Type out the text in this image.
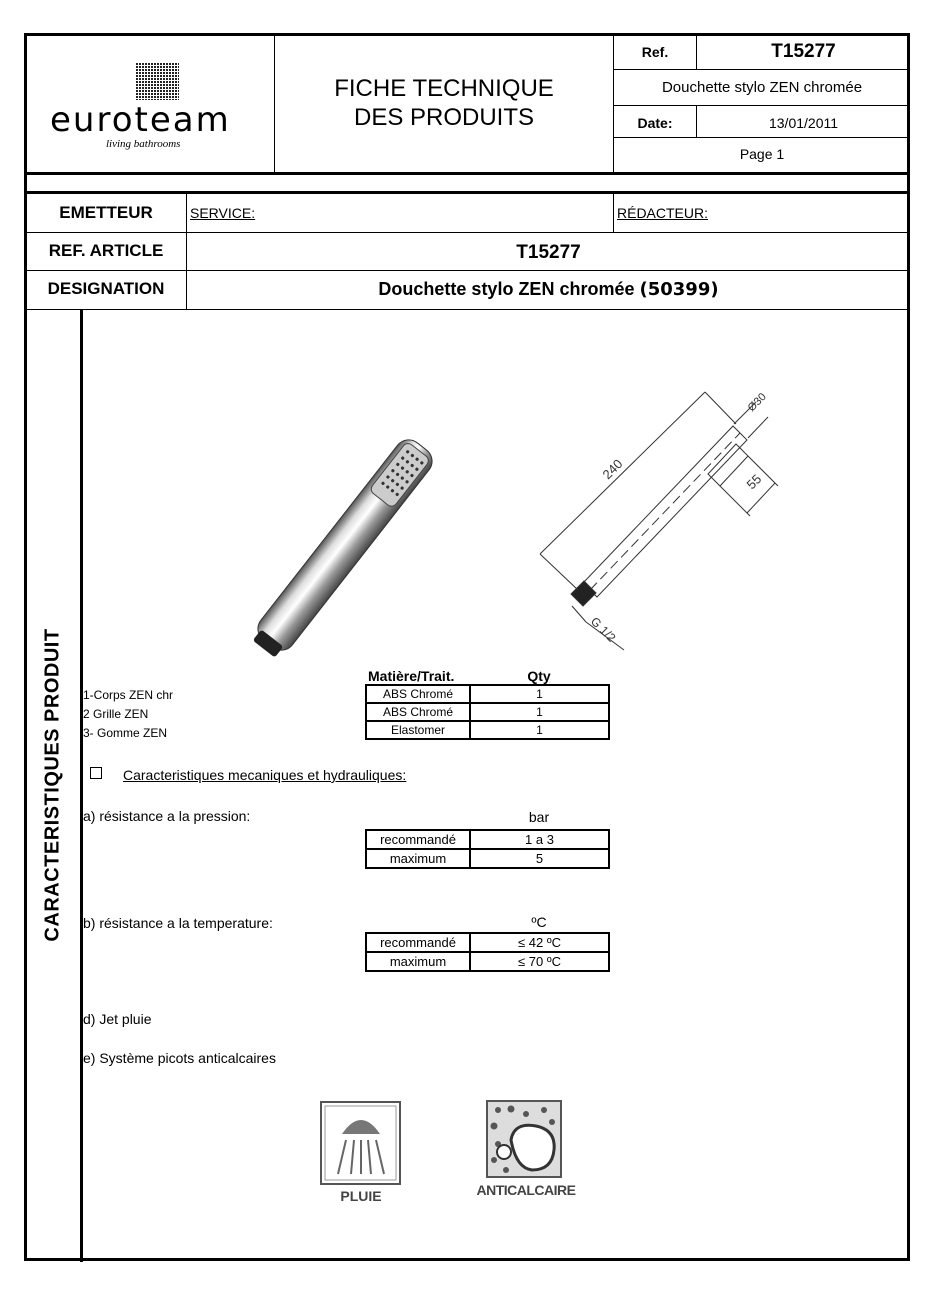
euroteam
living bathrooms
FICHE TECHNIQUE
DES PRODUITS
Ref.	T15277
Douchette stylo ZEN chromée
Date:	13/01/2011
Page 1
EMETTEUR	SERVICE:	RÉDACTEUR:
REF. ARTICLE	T15277
DESIGNATION	Douchette stylo ZEN chromée (50399)
CARACTERISTIQUES PRODUIT
240
Ø30
55
G 1/2
Matière/Trait.	Qty
1-Corps ZEN chr
2 Grille ZEN
3- Gomme ZEN
ABS Chromé	1
ABS Chromé	1
Elastomer	1
Caracteristiques mecaniques et hydrauliques:
a) résistance a la pression:	bar
recommandé	1 a 3
maximum	5
b) résistance a la temperature:	ºC
recommandé	≤ 42 ºC
maximum	≤ 70 ºC
d) Jet pluie
e) Système picots anticalcaires
PLUIE	ANTICALCAIRE
